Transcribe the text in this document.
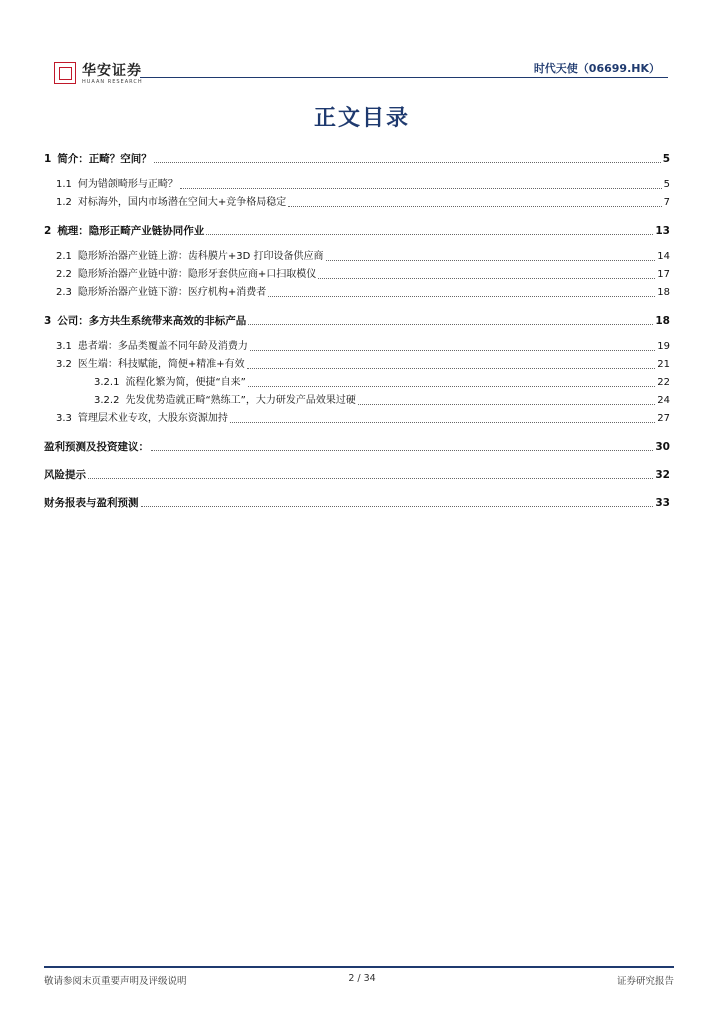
华安证券
HUAAN RESEARCH
时代天使（06699.HK）
正文目录
1 简介：正畸？空间？	5
1.1 何为错颌畸形与正畸？	5
1.2 对标海外，国内市场潜在空间大+竞争格局稳定	7
2 梳理：隐形正畸产业链协同作业	13
2.1 隐形矫治器产业链上游：齿科膜片+3D 打印设备供应商	14
2.2 隐形矫治器产业链中游：隐形牙套供应商+口扫取模仪	17
2.3 隐形矫治器产业链下游：医疗机构+消费者	18
3 公司：多方共生系统带来高效的非标产品	18
3.1 患者端：多品类覆盖不同年龄及消费力	19
3.2 医生端：科技赋能，简便+精准+有效	21
3.2.1 流程化繁为简，便捷“自来”	22
3.2.2 先发优势造就正畸“熟练工”，大力研发产品效果过硬	24
3.3 管理层术业专攻，大股东资源加持	27
盈利预测及投资建议：	30
风险提示	32
财务报表与盈利预测	33
敬请参阅末页重要声明及评级说明	2 / 34	证券研究报告
